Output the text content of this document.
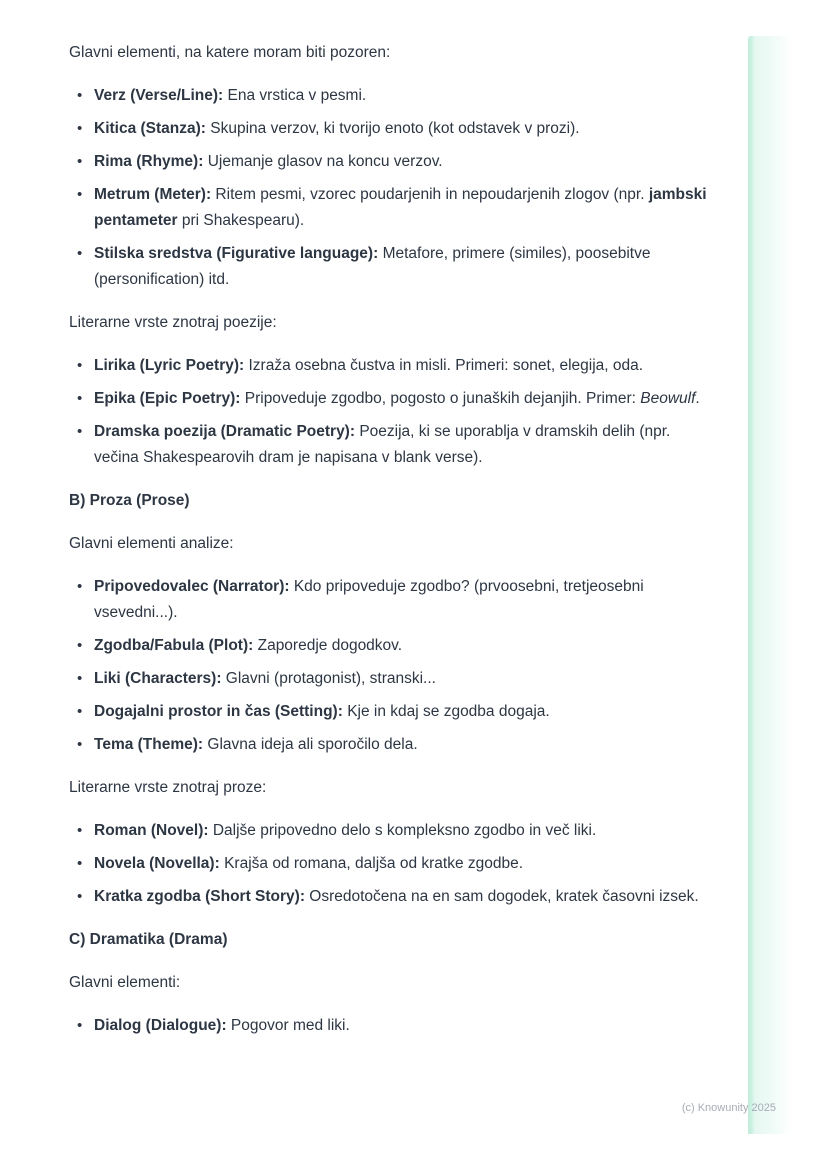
Glavni elementi, na katere moram biti pozoren:

• Verz (Verse/Line): Ena vrstica v pesmi.
• Kitica (Stanza): Skupina verzov, ki tvorijo enoto (kot odstavek v prozi).
• Rima (Rhyme): Ujemanje glasov na koncu verzov.
• Metrum (Meter): Ritem pesmi, vzorec poudarjenih in nepoudarjenih zlogov (npr. jambski pentameter pri Shakespearu).
• Stilska sredstva (Figurative language): Metafore, primere (similes), poosebitve (personification) itd.

Literarne vrste znotraj poezije:

• Lirika (Lyric Poetry): Izraža osebna čustva in misli. Primeri: sonet, elegija, oda.
• Epika (Epic Poetry): Pripoveduje zgodbo, pogosto o junaških dejanjih. Primer: Beowulf.
• Dramska poezija (Dramatic Poetry): Poezija, ki se uporablja v dramskih delih (npr. večina Shakespearovih dram je napisana v blank verse).
B) Proza (Prose)

Glavni elementi analize:

• Pripovedovalec (Narrator): Kdo pripoveduje zgodbo? (prvoosebni, tretjeosebni vsevedni...).
• Zgodba/Fabula (Plot): Zaporedje dogodkov.
• Liki (Characters): Glavni (protagonist), stranski...
• Dogajalni prostor in čas (Setting): Kje in kdaj se zgodba dogaja.
• Tema (Theme): Glavna ideja ali sporočilo dela.

Literarne vrste znotraj proze:

• Roman (Novel): Daljše pripovedno delo s kompleksno zgodbo in več liki.
• Novela (Novella): Krajša od romana, daljša od kratke zgodbe.
• Kratka zgodba (Short Story): Osredotočena na en sam dogodek, kratek časovni izsek.
C) Dramatika (Drama)

Glavni elementi:

• Dialog (Dialogue): Pogovor med liki.
(c) Knowunity 2025
